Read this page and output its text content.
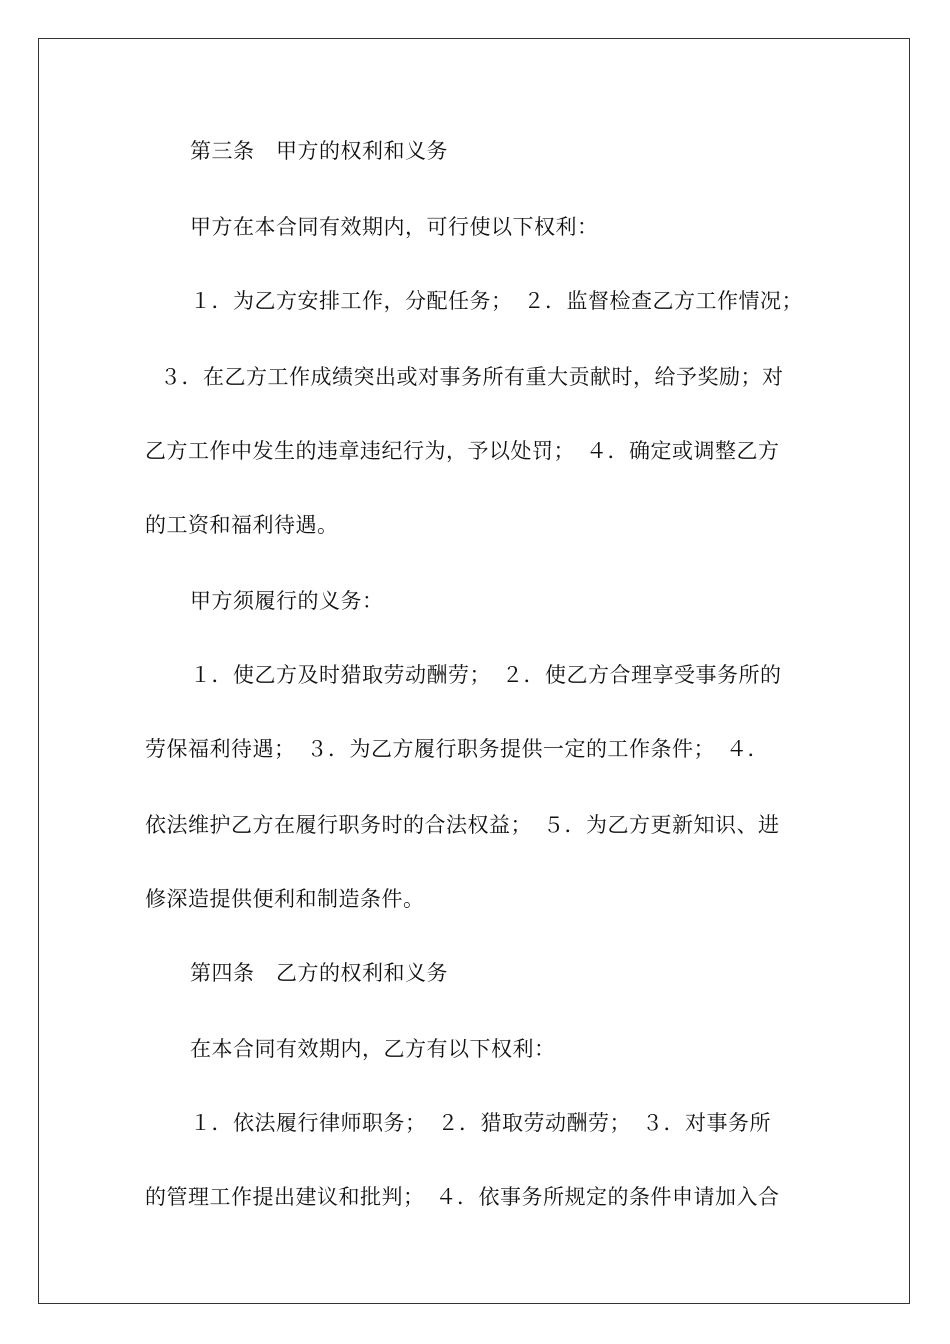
第三条　甲方的权利和义务
甲方在本合同有效期内，可行使以下权利：
１．为乙方安排工作，分配任务；　２．监督检查乙方工作情况；
３．在乙方工作成绩突出或对事务所有重大贡献时，给予奖励；对
乙方工作中发生的违章违纪行为，予以处罚；　４．确定或调整乙方
的工资和福利待遇。
甲方须履行的义务：
１．使乙方及时猎取劳动酬劳；　２．使乙方合理享受事务所的
劳保福利待遇；　３．为乙方履行职务提供一定的工作条件；　４．
依法维护乙方在履行职务时的合法权益；　５．为乙方更新知识、进
修深造提供便利和制造条件。
第四条　乙方的权利和义务
在本合同有效期内，乙方有以下权利：
１．依法履行律师职务；　２．猎取劳动酬劳；　３．对事务所
的管理工作提出建议和批判；　４．依事务所规定的条件申请加入合
